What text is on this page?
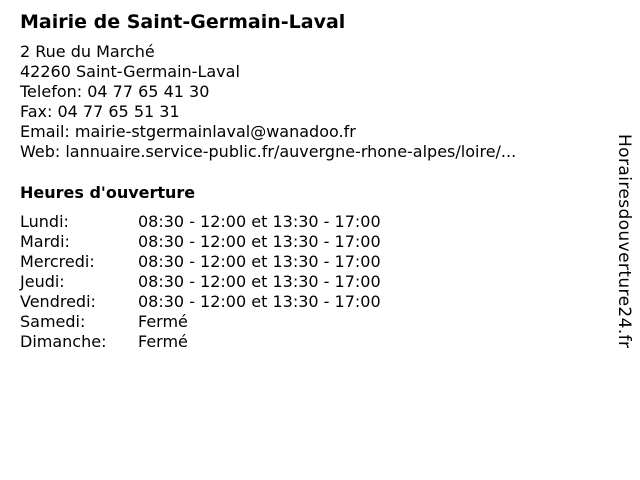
Mairie de Saint-Germain-Laval
2 Rue du Marché
42260 Saint-Germain-Laval
Telefon: 04 77 65 41 30
Fax: 04 77 65 51 31
Email: mairie-stgermainlaval@wanadoo.fr
Web: lannuaire.service-public.fr/auvergne-rhone-alpes/loire/...
Heures d'ouverture
Lundi:	08:30 - 12:00 et 13:30 - 17:00
Mardi:	08:30 - 12:00 et 13:30 - 17:00
Mercredi:	08:30 - 12:00 et 13:30 - 17:00
Jeudi:	08:30 - 12:00 et 13:30 - 17:00
Vendredi:	08:30 - 12:00 et 13:30 - 17:00
Samedi:	Fermé
Dimanche:	Fermé	Horairesdouverture24.fr
